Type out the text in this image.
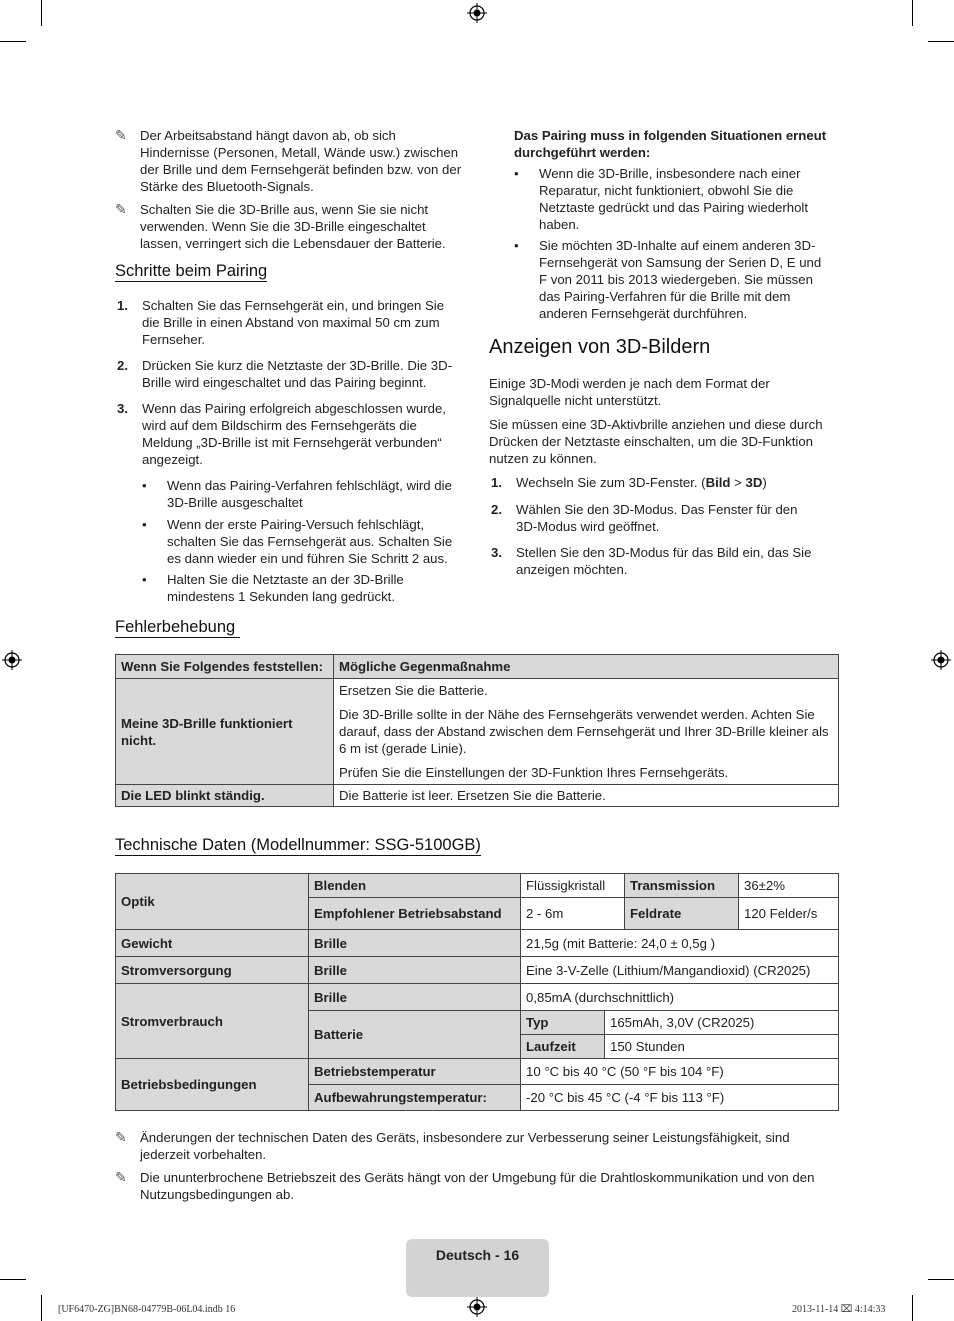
✎	Der Arbeitsabstand hängt davon ab, ob sich Hindernisse (Personen, Metall, Wände usw.) zwischen der Brille und dem Fernsehgerät befinden bzw. von der Stärke des Bluetooth-Signals.
✎	Schalten Sie die 3D-Brille aus, wenn Sie sie nicht verwenden. Wenn Sie die 3D-Brille eingeschaltet lassen, verringert sich die Lebensdauer der Batterie.
Schritte beim Pairing
1. Schalten Sie das Fernsehgerät ein, und bringen Sie die Brille in einen Abstand von maximal 50 cm zum Fernseher.
2. Drücken Sie kurz die Netztaste der 3D-Brille. Die 3D-Brille wird eingeschaltet und das Pairing beginnt.
3. Wenn das Pairing erfolgreich abgeschlossen wurde, wird auf dem Bildschirm des Fernsehgeräts die Meldung „3D-Brille ist mit Fernsehgerät verbunden“ angezeigt.
• Wenn das Pairing-Verfahren fehlschlägt, wird die 3D-Brille ausgeschaltet
• Wenn der erste Pairing-Versuch fehlschlägt, schalten Sie das Fernsehgerät aus. Schalten Sie es dann wieder ein und führen Sie Schritt 2 aus.
• Halten Sie die Netztaste an der 3D-Brille mindestens 1 Sekunden lang gedrückt.
Das Pairing muss in folgenden Situationen erneut durchgeführt werden:
• Wenn die 3D-Brille, insbesondere nach einer Reparatur, nicht funktioniert, obwohl Sie die Netztaste gedrückt und das Pairing wiederholt haben.
• Sie möchten 3D-Inhalte auf einem anderen 3D-Fernsehgerät von Samsung der Serien D, E und F von 2011 bis 2013 wiedergeben. Sie müssen das Pairing-Verfahren für die Brille mit dem anderen Fernsehgerät durchführen.
Anzeigen von 3D-Bildern
Einige 3D-Modi werden je nach dem Format der Signalquelle nicht unterstützt.
Sie müssen eine 3D-Aktivbrille anziehen und diese durch Drücken der Netztaste einschalten, um die 3D-Funktion nutzen zu können.
1. Wechseln Sie zum 3D-Fenster. (Bild > 3D)
2. Wählen Sie den 3D-Modus. Das Fenster für den 3D-Modus wird geöffnet.
3. Stellen Sie den 3D-Modus für das Bild ein, das Sie anzeigen möchten.
Fehlerbehebung
Wenn Sie Folgendes feststellen:	Mögliche Gegenmaßnahme
Meine 3D-Brille funktioniert nicht.	Ersetzen Sie die Batterie.
Die 3D-Brille sollte in der Nähe des Fernsehgeräts verwendet werden. Achten Sie darauf, dass der Abstand zwischen dem Fernsehgerät und Ihrer 3D-Brille kleiner als 6 m ist (gerade Linie).
Prüfen Sie die Einstellungen der 3D-Funktion Ihres Fernsehgeräts.

Die LED blinkt ständig.	Die Batterie ist leer. Ersetzen Sie die Batterie.
Technische Daten (Modellnummer: SSG-5100GB)
Optik	Blenden	Flüssigkristall		Transmission	36±2%
	Empfohlener Betriebsabstand	2 - 6m		Feldrate	120 Felder/s
Gewicht	Brille	21,5g (mit Batterie: 24,0 ± 0,5g )			
Stromversorgung	Brille	Eine 3-V-Zelle (Lithium/Mangandioxid) (CR2025)			
Stromverbrauch	Brille	0,85mA (durchschnittlich)			
	Batterie	Typ	165mAh, 3,0V (CR2025)		
		Laufzeit	150 Stunden		
Betriebsbedingungen	Betriebstemperatur	10 °C bis 40 °C (50 °F bis 104 °F)			
	Aufbewahrungstemperatur:	-20 °C bis 45 °C (-4 °F bis 113 °F)			
✎	Änderungen der technischen Daten des Geräts, insbesondere zur Verbesserung seiner Leistungsfähigkeit, sind jederzeit vorbehalten.
✎	Die ununterbrochene Betriebszeit des Geräts hängt von der Umgebung für die Drahtloskommunikation und von den Nutzungsbedingungen ab.
Deutsch - 16
[UF6470-ZG]BN68-04779B-06L04.indb 16	2013-11-14 ⌧ 4:14:33
